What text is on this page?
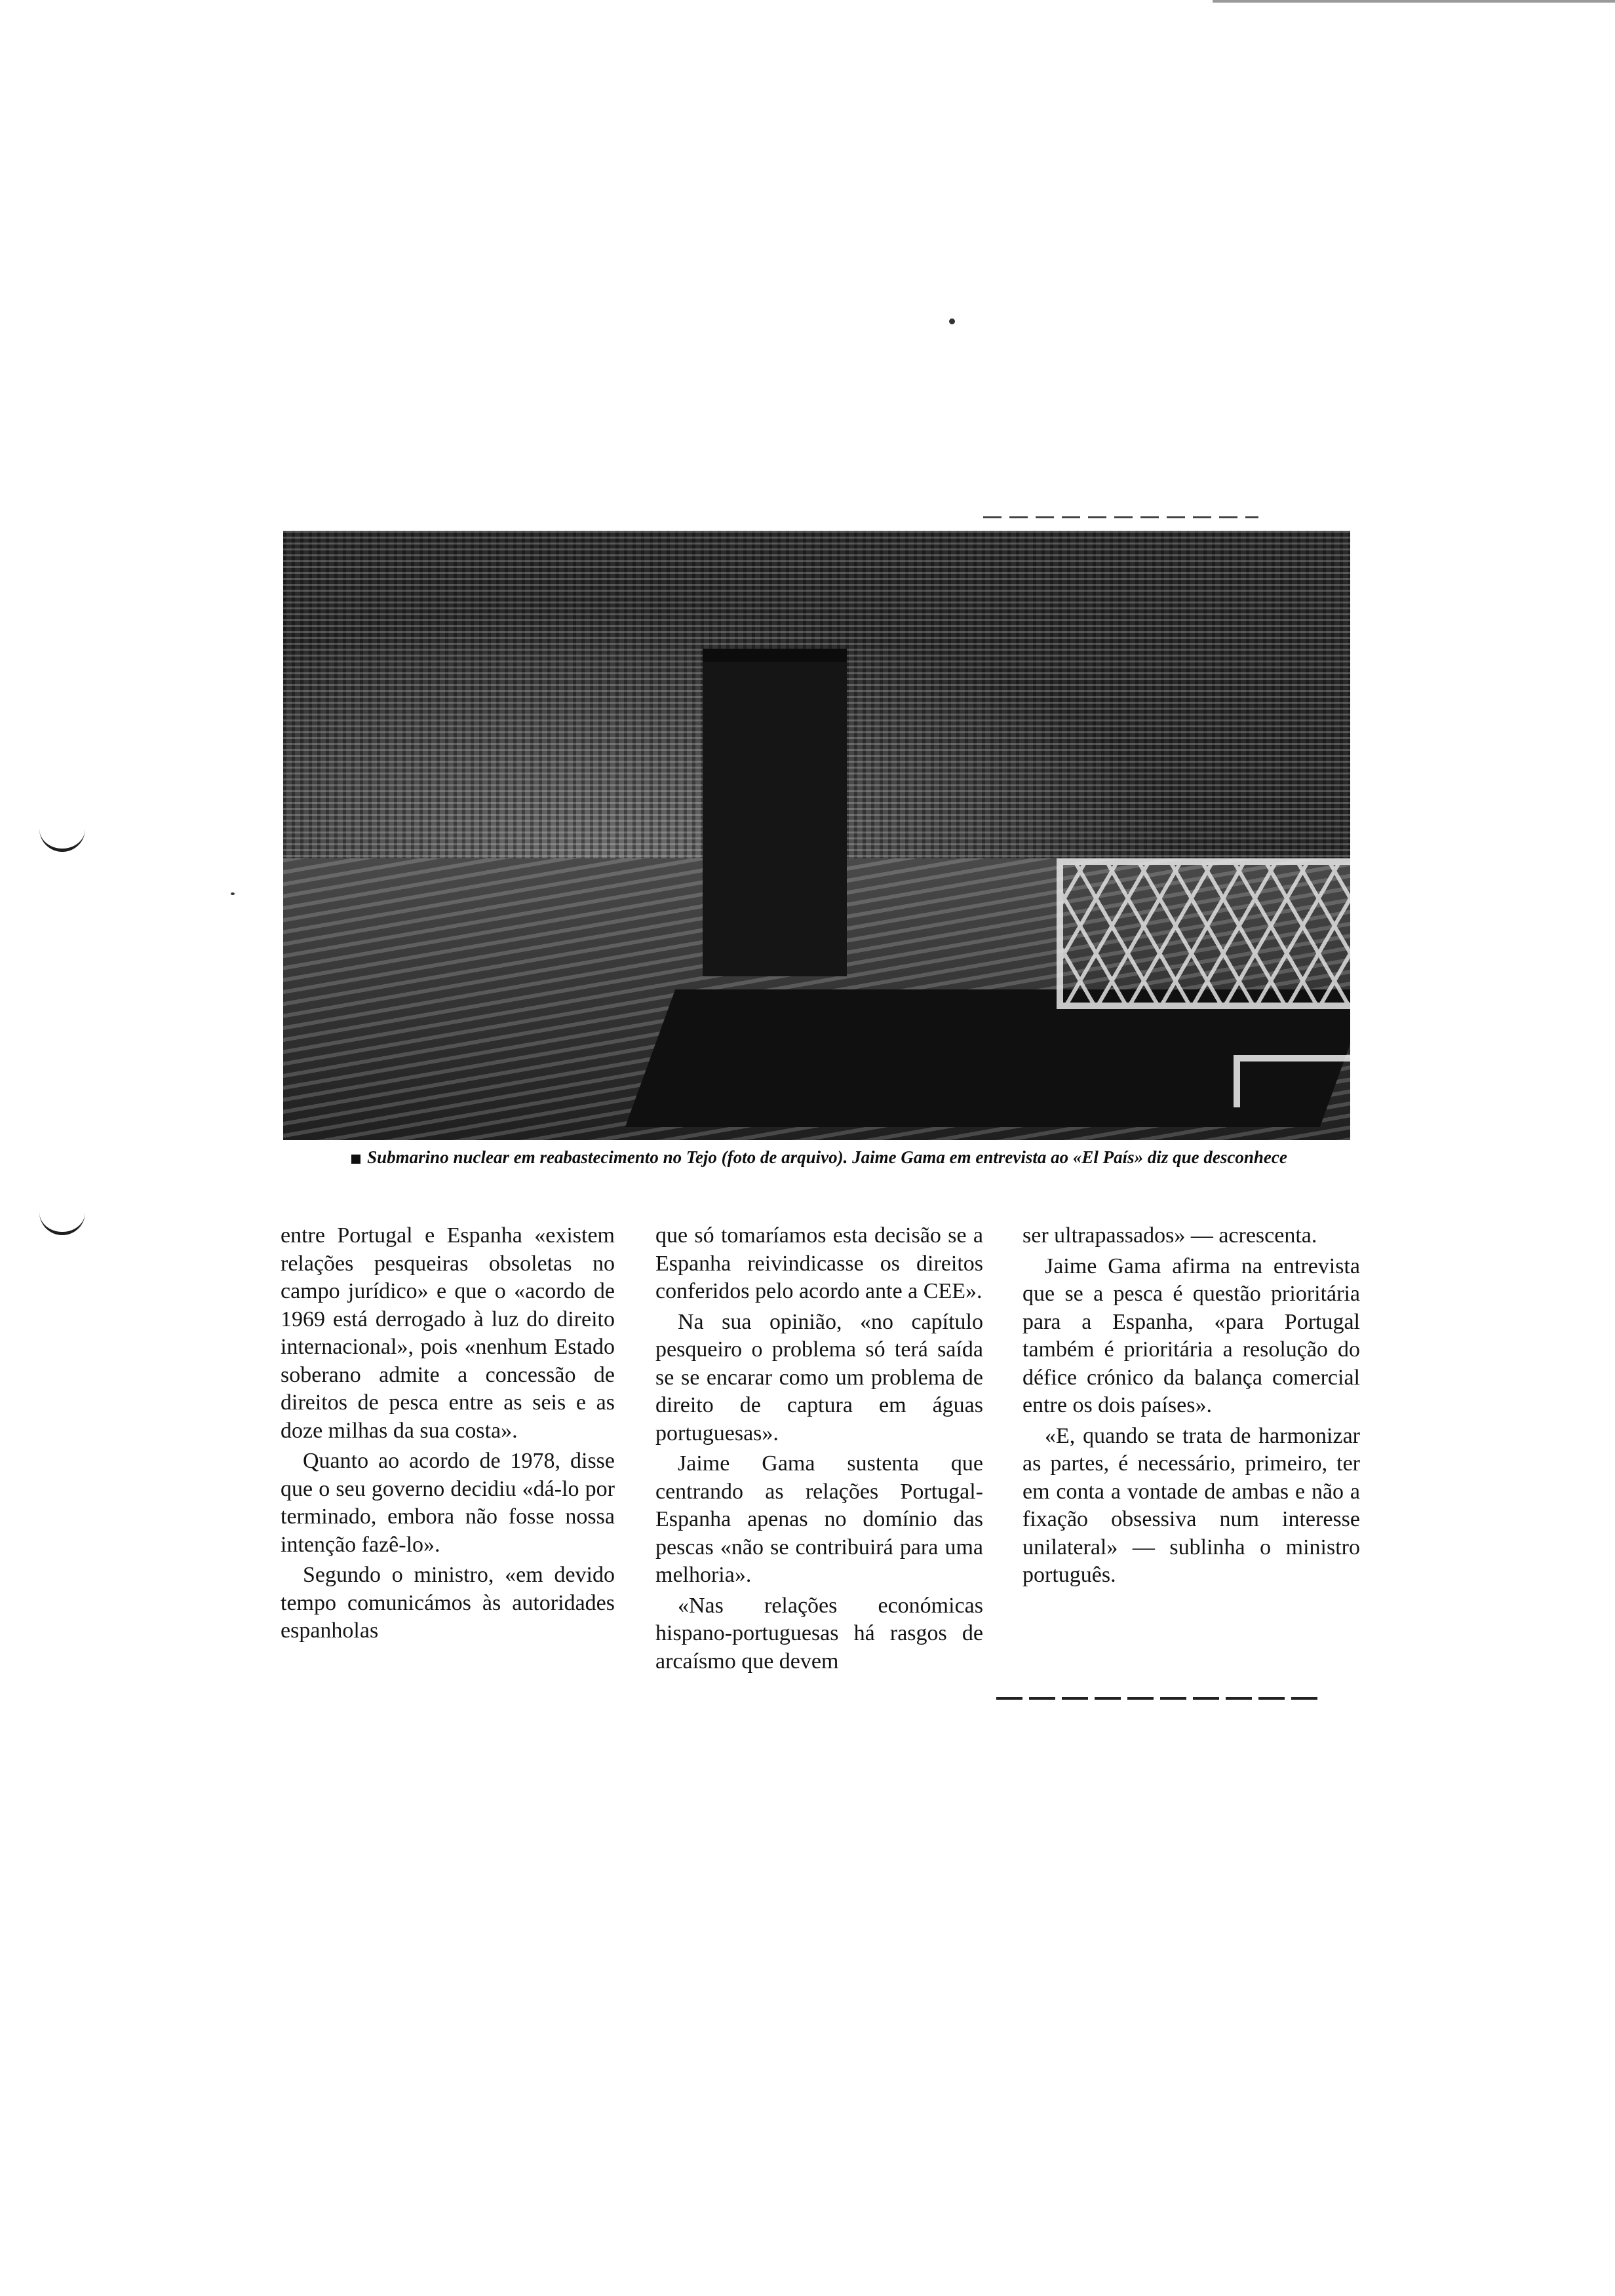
Submarino nuclear em reabastecimento no Tejo (foto de arquivo). Jaime Gama em entrevista ao «El País» diz que desconhece

entre Portugal e Espanha «existem relações pesqueiras obsoletas no campo jurídico» e que o «acordo de 1969 está derrogado à luz do direito internacional», pois «nenhum Estado soberano admite a concessão de direitos de pesca entre as seis e as doze milhas da sua costa».

Quanto ao acordo de 1978, disse que o seu governo decidiu «dá-lo por terminado, embora não fosse nossa intenção fazê-lo».

Segundo o ministro, «em devido tempo comunicámos às autoridades espanholas

que só tomaríamos esta decisão se a Espanha reivindicasse os direitos conferidos pelo acordo ante a CEE».

Na sua opinião, «no capítulo pesqueiro o problema só terá saída se se encarar como um problema de direito de captura em águas portuguesas».

Jaime Gama sustenta que centrando as relações Portugal-Espanha apenas no domínio das pescas «não se contribuirá para uma melhoria».

«Nas relações económicas hispano-portuguesas há rasgos de arcaísmo que devem

ser ultrapassados» — acrescenta.

Jaime Gama afirma na entrevista que se a pesca é questão prioritária para a Espanha, «para Portugal também é prioritária a resolução do défice crónico da balança comercial entre os dois países».

«E, quando se trata de harmonizar as partes, é necessário, primeiro, ter em conta a vontade de ambas e não a fixação obsessiva num interesse unilateral» — sublinha o ministro português.
